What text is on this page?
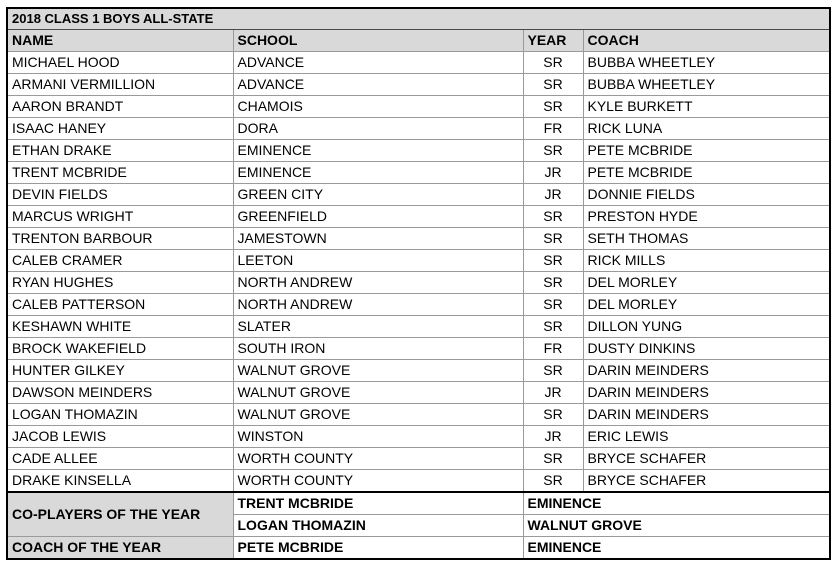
2018 CLASS 1 BOYS ALL-STATE			
NAME	SCHOOL	YEAR	COACH
MICHAEL HOOD	ADVANCE	SR	BUBBA WHEETLEY
ARMANI VERMILLION	ADVANCE	SR	BUBBA WHEETLEY
AARON BRANDT	CHAMOIS	SR	KYLE BURKETT
ISAAC HANEY	DORA	FR	RICK LUNA
ETHAN DRAKE	EMINENCE	SR	PETE MCBRIDE
TRENT MCBRIDE	EMINENCE	JR	PETE MCBRIDE
DEVIN FIELDS	GREEN CITY	JR	DONNIE FIELDS
MARCUS WRIGHT	GREENFIELD	SR	PRESTON HYDE
TRENTON BARBOUR	JAMESTOWN	SR	SETH THOMAS
CALEB CRAMER	LEETON	SR	RICK MILLS
RYAN HUGHES	NORTH ANDREW	SR	DEL MORLEY
CALEB PATTERSON	NORTH ANDREW	SR	DEL MORLEY
KESHAWN WHITE	SLATER	SR	DILLON YUNG
BROCK WAKEFIELD	SOUTH IRON	FR	DUSTY DINKINS
HUNTER GILKEY	WALNUT GROVE	SR	DARIN MEINDERS
DAWSON MEINDERS	WALNUT GROVE	JR	DARIN MEINDERS
LOGAN THOMAZIN	WALNUT GROVE	SR	DARIN MEINDERS
JACOB LEWIS	WINSTON	JR	ERIC LEWIS
CADE ALLEE	WORTH COUNTY	SR	BRYCE SCHAFER
DRAKE KINSELLA	WORTH COUNTY	SR	BRYCE SCHAFER
CO-PLAYERS OF THE YEAR	TRENT MCBRIDE	EMINENCE	
	LOGAN THOMAZIN	WALNUT GROVE	
COACH OF THE YEAR	PETE MCBRIDE	EMINENCE	
